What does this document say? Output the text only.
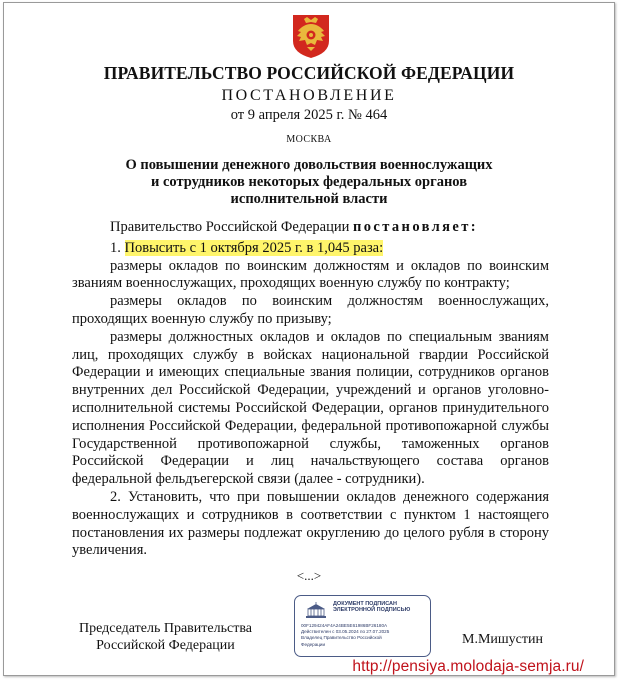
ПРАВИТЕЛЬСТВО РОССИЙСКОЙ ФЕДЕРАЦИИ
ПОСТАНОВЛЕНИЕ
от 9 апреля 2025 г. № 464
МОСКВА
О повышении денежного довольствия военнослужащих
и сотрудников некоторых федеральных органов
исполнительной власти

Правительство Российской Федерации постановляет:

1. Повысить с 1 октября 2025 г. в 1,045 раза:

размеры окладов по воинским должностям и окладов по воинским званиям военнослужащих, проходящих военную службу по контракту;

размеры окладов по воинским должностям военнослужащих, проходящих военную службу по призыву;

размеры должностных окладов и окладов по специальным званиям лиц, проходящих службу в войсках национальной гвардии Российской Федерации и имеющих специальные звания полиции, сотрудников органов внутренних дел Российской Федерации, учреждений и органов уголовно-исполнительной системы Российской Федерации, органов принудительного исполнения Российской Федерации, федеральной противопожарной службы Государственной противопожарной службы, таможенных органов Российской Федерации и лиц начальствующего состава органов федеральной фельдъегерской связи (далее - сотрудники).

2. Установить, что при повышении окладов денежного содержания военнослужащих и сотрудников в соответствии с пунктом 1 настоящего постановления их размеры подлежат округлению до целого рубля в сторону увеличения.

<...>
Председатель Правительства
Российской Федерации
ДОКУМЕНТ ПОДПИСАН
ЭЛЕКТРОННОЙ ПОДПИСЬЮ
00F129424AF4A24BE5E61986BF26180A
Действителен с 03.05.2024 по 27.07.2025
Владелец Правительство Российской
Федерации	М.Мишустин
http://pensiya.molodaja-semja.ru/
